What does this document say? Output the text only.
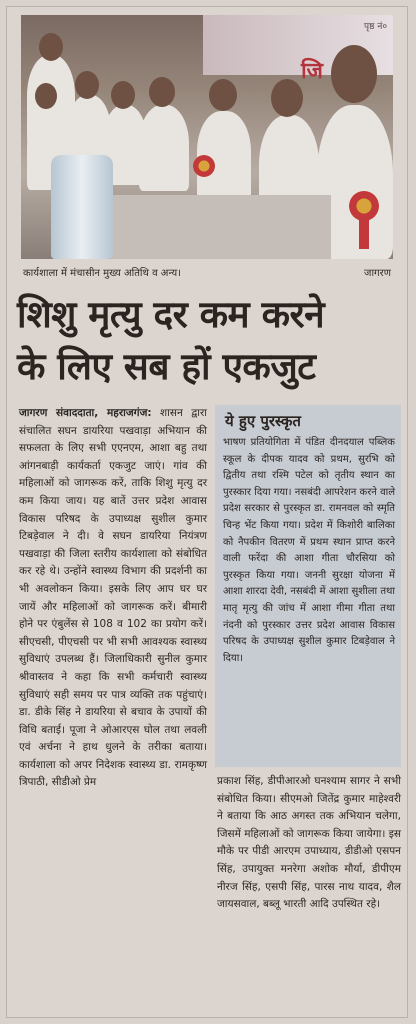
पृष्ठ नं०
जि
कार्यशाला में मंचासीन मुख्य अतिथि व अन्य।	जागरण
शिशु मृत्यु दर कम करने
के लिए सब हों एकजुट
जागरण संवाददाता, महराजगंज: शासन द्वारा संचालित सघन डायरिया पखवाड़ा अभियान की सफलता के लिए सभी एएनएम, आशा बहु तथा आंगनबाड़ी कार्यकर्ता एकजुट जाएं। गांव की महिलाओं को जागरूक करें, ताकि शिशु मृत्यु दर कम किया जाय। यह बातें उत्तर प्रदेश आवास विकास परिषद के उपाध्यक्ष सुशील कुमार टिबड़ेवाल ने दी। वे सघन डायरिया नियंत्रण पखवाड़ा की जिला स्तरीय कार्यशाला को संबोधित कर रहे थे। उन्होंने स्वास्थ्य विभाग की प्रदर्शनी का भी अवलोकन किया। इसके लिए आप घर घर जायें और महिलाओं को जागरूक करें। बीमारी होने पर एंबुलेंस से 108 व 102 का प्रयोग करें। सीएचसी, पीएचसी पर भी सभी आवश्यक स्वास्थ्य सुविधाएं उपलब्ध हैं। जिलाधिकारी सुनील कुमार श्रीवास्तव ने कहा कि सभी कर्मचारी स्वास्थ्य सुविधाएं सही समय पर पात्र व्यक्ति तक पहुंचाएं। डा. डीके सिंह ने डायरिया से बचाव के उपायों की विधि बताई। पूजा ने ओआरएस घोल तथा लवली एवं अर्चना ने हाथ धुलने के तरीका बताया। कार्यशाला को अपर निदेशक स्वास्थ्य डा. रामकृष्ण त्रिपाठी, सीडीओ प्रेम
ये हुए पुरस्कृत
भाषण प्रतियोगिता में पंडित दीनदयाल पब्लिक स्कूल के दीपक यादव को प्रथम, सुरभि को द्वितीय तथा रश्मि पटेल को तृतीय स्थान का पुरस्कार दिया गया। नसबंदी आपरेशन करने वाले प्रदेश सरकार से पुरस्कृत डा. रामनवल को स्मृति चिन्ह भेंट किया गया। प्रदेश में किशोरी बालिका को नैपकीन वितरण में प्रथम स्थान प्राप्त करने वाली फरेंदा की आशा गीता चौरसिया को पुरस्कृत किया गया। जननी सुरक्षा योजना में आशा शारदा देवी, नसबंदी में आशा सुशीला तथा मातृ मृत्यु की जांच में आशा गीमा गीता तथा नंदनी को पुरस्कार उत्तर प्रदेश आवास विकास परिषद के उपाध्यक्ष सुशील कुमार टिबड़ेवाल ने दिया।
प्रकाश सिंह, डीपीआरओ घनश्याम सागर ने सभी संबोधित किया। सीएमओ जितेंद्र कुमार माहेश्वरी ने बताया कि आठ अगस्त तक अभियान चलेगा, जिसमें महिलाओं को जागरूक किया जायेगा। इस मौके पर पीडी आरएम उपाध्याय, डीडीओ एसपन सिंह, उपायुक्त मनरेगा अशोक मौर्या, डीपीएम नीरज सिंह, एसपी सिंह, पारस नाथ यादव, शैल जायसवाल, बब्लू भारती आदि उपस्थित रहे।
